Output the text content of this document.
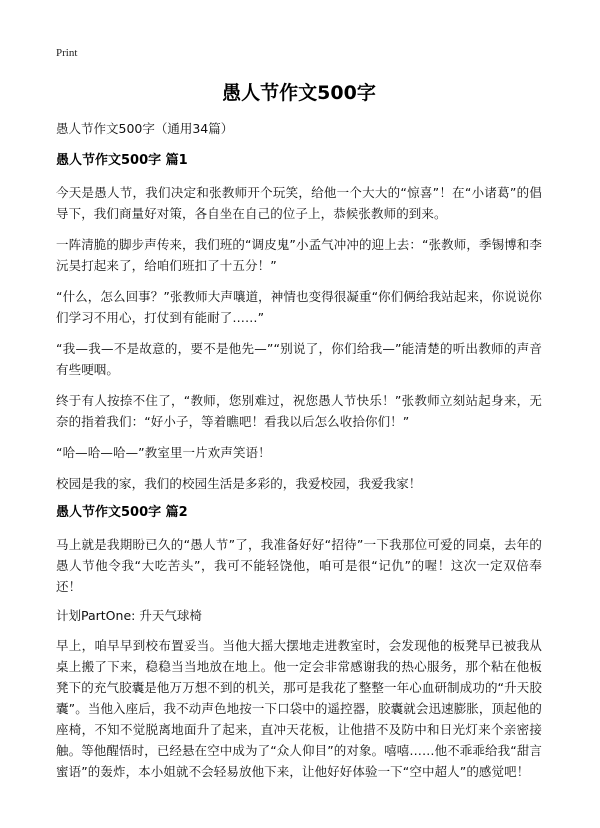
Print
愚人节作文500字
愚人节作文500字（通用34篇）
愚人节作文500字 篇1

今天是愚人节，我们决定和张教师开个玩笑，给他一个大大的“惊喜”！在“小诸葛”的倡导下，我们商量好对策，各自坐在自己的位子上，恭候张教师的到来。

一阵清脆的脚步声传来，我们班的“调皮鬼”小孟气冲冲的迎上去：“张教师，季锡博和李沅昊打起来了，给咱们班扣了十五分！”

“什么，怎么回事？”张教师大声嚷道，神情也变得很凝重“你们俩给我站起来，你说说你们学习不用心，打仗到有能耐了……”

“我—我—不是故意的，要不是他先—”“别说了，你们给我—”能清楚的听出教师的声音有些哽咽。

终于有人按捺不住了，“教师，您别难过，祝您愚人节快乐！”张教师立刻站起身来，无奈的指着我们：“好小子，等着瞧吧！看我以后怎么收拾你们！”

“哈—哈—哈—”教室里一片欢声笑语！

校园是我的家，我们的校园生活是多彩的，我爱校园，我爱我家！

愚人节作文500字 篇2

马上就是我期盼已久的“愚人节”了，我准备好好“招待”一下我那位可爱的同桌，去年的愚人节他令我“大吃苦头”，我可不能轻饶他，咱可是很“记仇”的喔！这次一定双倍奉还！

计划PartOne: 升天气球椅

早上，咱早早到校布置妥当。当他大摇大摆地走进教室时，会发现他的板凳早已被我从桌上搬了下来，稳稳当当地放在地上。他一定会非常感谢我的热心服务，那个粘在他板凳下的充气胶囊是他万万想不到的机关，那可是我花了整整一年心血研制成功的“升天胶囊”。当他入座后，我不动声色地按一下口袋中的遥控器，胶囊就会迅速膨胀，顶起他的座椅，不知不觉脱离地面升了起来，直冲天花板，让他措不及防中和日光灯来个亲密接触。等他醒悟时，已经悬在空中成为了“众人仰目”的对象。嘻嘻……他不乖乖给我“甜言蜜语”的轰炸，本小姐就不会轻易放他下来，让他好好体验一下“空中超人”的感觉吧！
